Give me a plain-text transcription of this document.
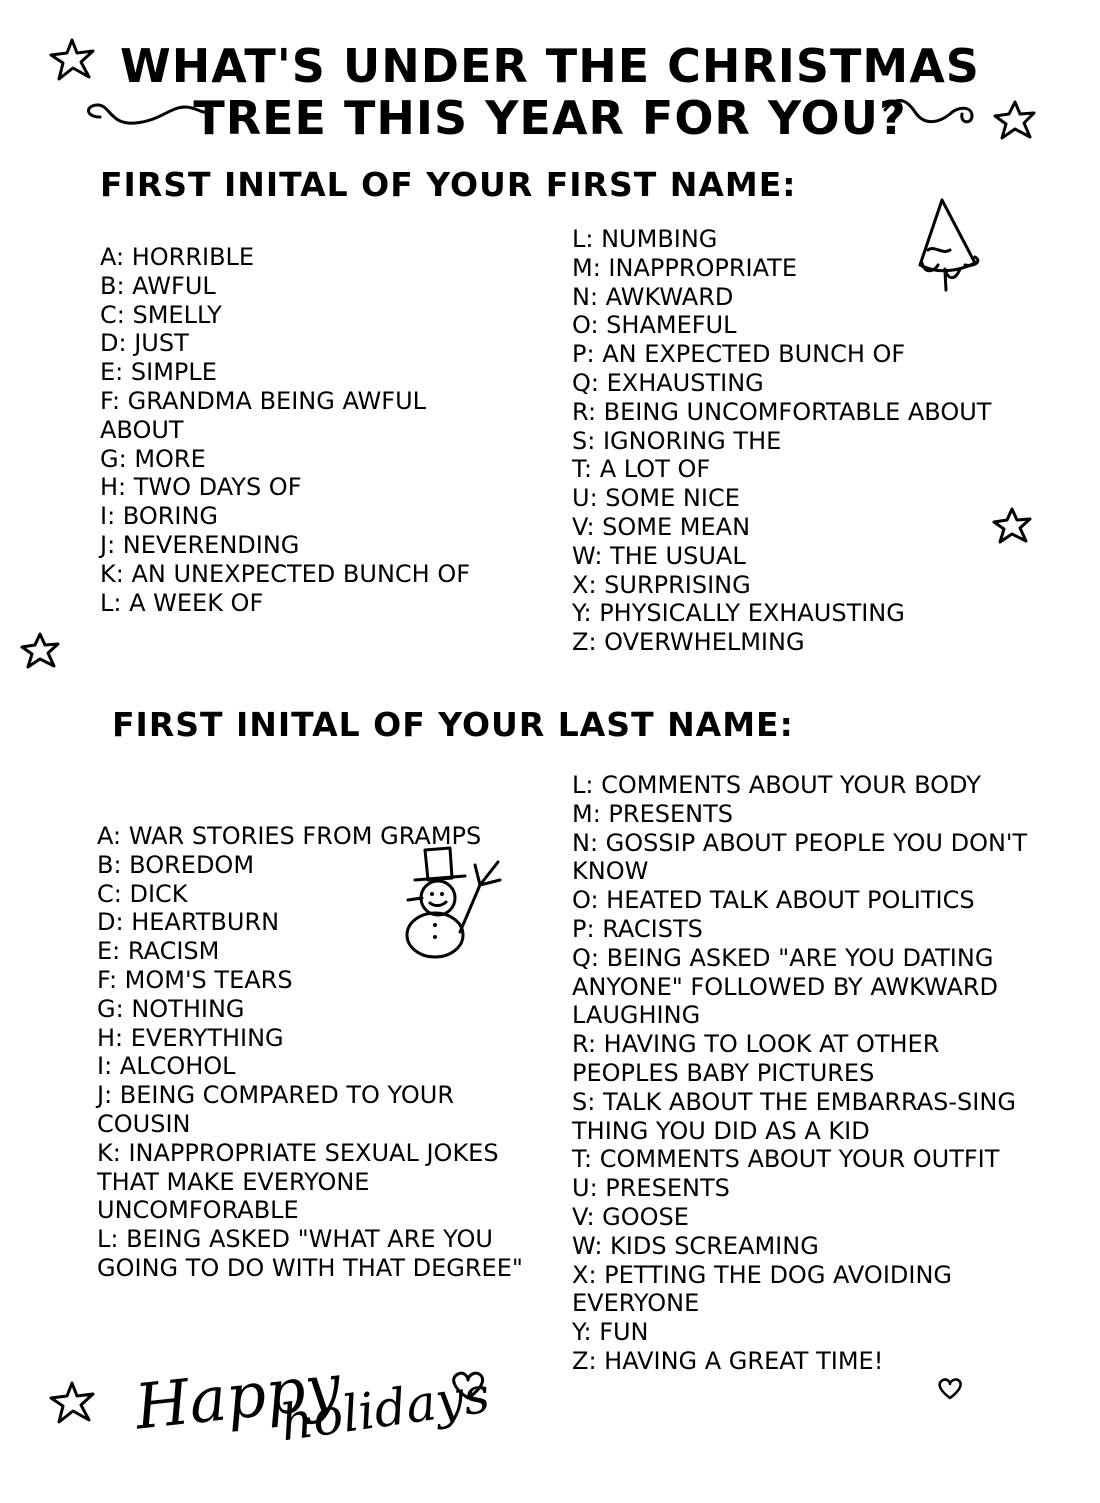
WHAT'S UNDER THE CHRISTMAS
TREE THIS YEAR FOR YOU?
FIRST INITAL OF YOUR FIRST NAME:
A: HORRIBLE
B: AWFUL
C: SMELLY
D: JUST
E: SIMPLE
F: GRANDMA BEING AWFUL ABOUT
G: MORE
H: TWO DAYS OF
I: BORING
J: NEVERENDING
K: AN UNEXPECTED BUNCH OF
L: A WEEK OF
L: NUMBING
M: INAPPROPRIATE
N: AWKWARD
O: SHAMEFUL
P: AN EXPECTED BUNCH OF
Q: EXHAUSTING
R: BEING UNCOMFORTABLE ABOUT
S: IGNORING THE
T: A LOT OF
U: SOME NICE
V: SOME MEAN
W: THE USUAL
X: SURPRISING
Y: PHYSICALLY EXHAUSTING
Z: OVERWHELMING
FIRST INITAL OF YOUR LAST NAME:
A: WAR STORIES FROM GRAMPS
B: BOREDOM
C: DICK
D: HEARTBURN
E: RACISM
F: MOM'S TEARS
G: NOTHING
H: EVERYTHING
I: ALCOHOL
J: BEING COMPARED TO YOUR COUSIN
K: INAPPROPRIATE SEXUAL JOKES THAT MAKE EVERYONE UNCOMFORABLE
L: BEING ASKED "WHAT ARE YOU GOING TO DO WITH THAT DEGREE"
L: COMMENTS ABOUT YOUR BODY
M: PRESENTS
N: GOSSIP ABOUT PEOPLE YOU DON'T KNOW
O: HEATED TALK ABOUT POLITICS
P: RACISTS
Q: BEING ASKED "ARE YOU DATING ANYONE" FOLLOWED BY AWKWARD LAUGHING
R: HAVING TO LOOK AT OTHER PEOPLES BABY PICTURES
S: TALK ABOUT THE EMBARRAS-SING THING YOU DID AS A KID
T: COMMENTS ABOUT YOUR OUTFIT
U: PRESENTS
V: GOOSE
W: KIDS SCREAMING
X: PETTING THE DOG AVOIDING EVERYONE
Y: FUN
Z: HAVING A GREAT TIME!
Happy
holidays
